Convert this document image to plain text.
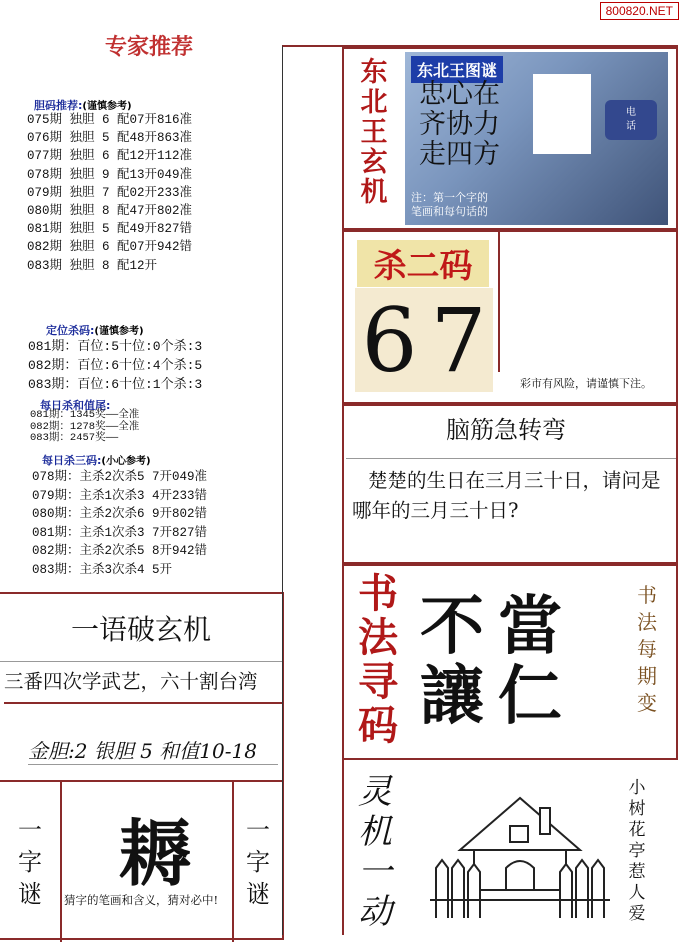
800820.NET
专家推荐
胆码推荐:(谨慎参考)
075期 独胆 6 配07开816准
076期 独胆 5 配48开863准
077期 独胆 6 配12开112准
078期 独胆 9 配13开049准
079期 独胆 7 配02开233准
080期 独胆 8 配47开802准
081期 独胆 5 配49开827错
082期 独胆 6 配07开942错
083期 独胆 8 配12开
定位杀码:(谨慎参考)
081期：百位:5十位:0个杀:3
082期：百位:6十位:4个杀:5
083期：百位:6十位:1个杀:3
每日杀和值尾:
081期：1345奖——全准
082期：1278奖——全准
083期：2457奖——
每日杀三码:(小心参考)
078期：主杀2次杀5 7开049准
079期：主杀1次杀3 4开233错
080期：主杀2次杀6 9开802错
081期：主杀1次杀3 7开827错
082期：主杀2次杀5 8开942错
083期：主杀3次杀4 5开
一语破玄机
三番四次学武艺，六十割台湾
金胆:2 银胆 5 和值10-18
一
字
谜	耨
猜字的笔画和含义，猜对必中!
一
字
谜
东
北
王
玄
机
东北王图谜
忠心在
齐协力
走四方
电
话
注：第一个字的
笔画和每句话的
杀二码
6 7	彩市有风险，请谨慎下注。
脑筋急转弯
楚楚的生日在三月三十日，请问是哪年的三月三十日?
书
法
寻
码
不當
讓仁
书
法
每
期
变
灵
机
一
动
小
树
花
亭
惹
人
爱
